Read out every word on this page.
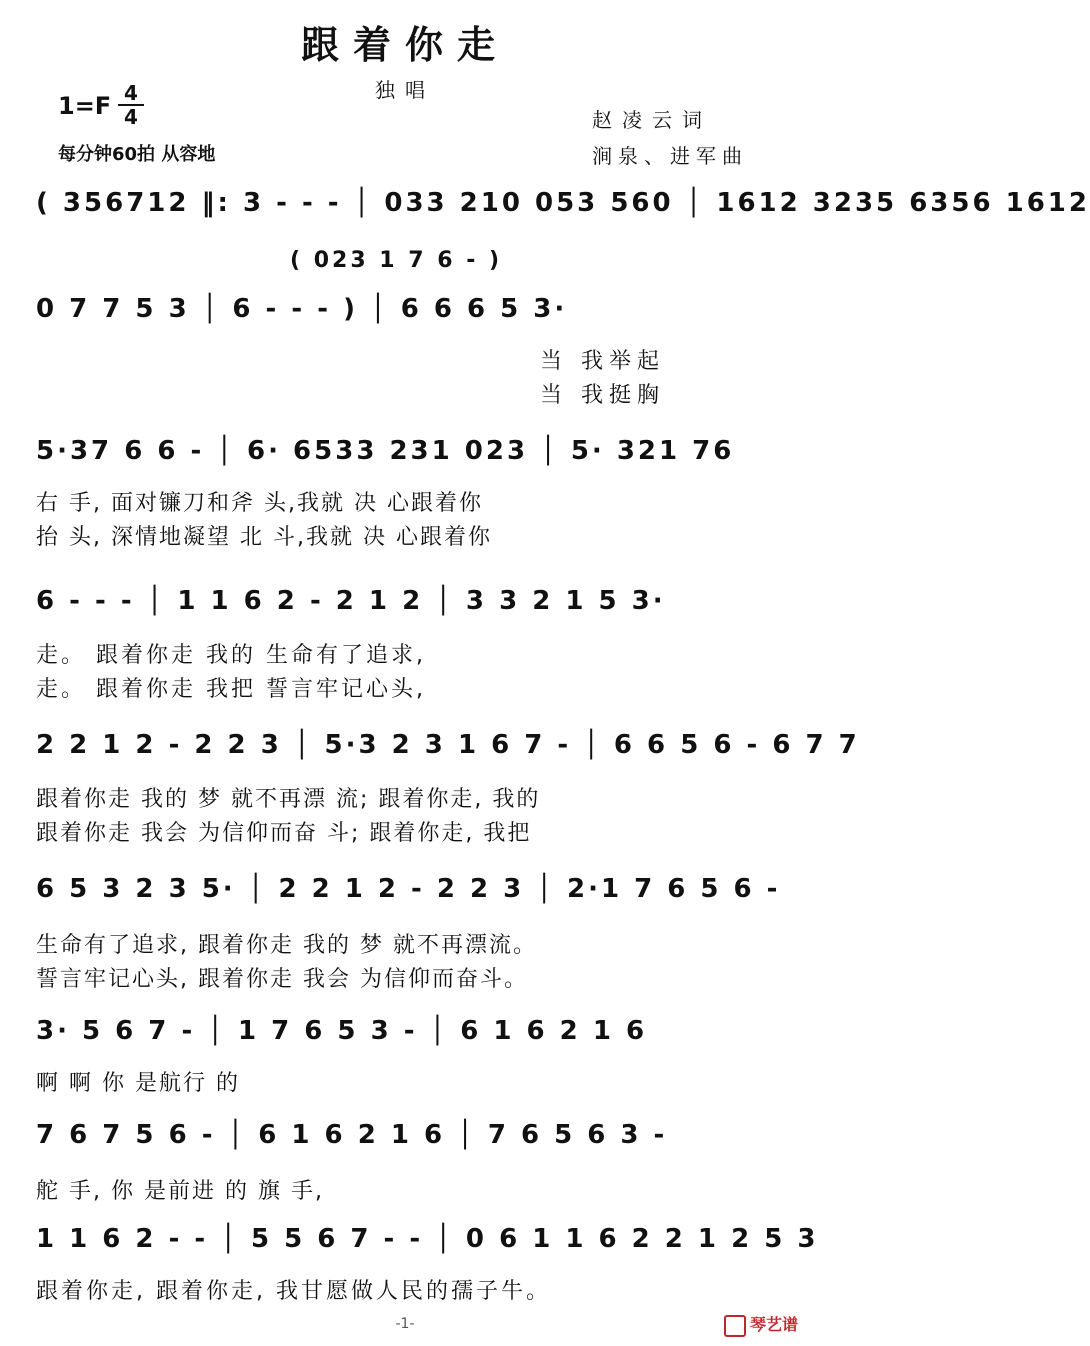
跟着你走
独唱
1=F 4
4	赵凌云词
涧泉、进军曲
每分钟60拍 从容地
( 356712 ‖: 3 - - - │ 033 210 053 560 │ 1612 3235 6356 1612
( 023 1 7 6 - )
0 7 7 5 3 │ 6 - - - ) │ 6 6 6 5 3·
当 我举起
当 我挺胸
5·37 6 6 - │ 6· 6533 231 023 │ 5· 321 76
右 手, 面对镰刀和斧 头,我就 决 心跟着你
抬 头, 深情地凝望 北 斗,我就 决 心跟着你
6 - - - │ 1 1 6 2 - 2 1 2 │ 3 3 2 1 5 3·
走。 跟着你走 我的 生命有了追求,
走。 跟着你走 我把 誓言牢记心头,
2 2 1 2 - 2 2 3 │ 5·3 2 3 1 6 7 - │ 6 6 5 6 - 6 7 7
跟着你走 我的 梦 就不再漂 流; 跟着你走, 我的
跟着你走 我会 为信仰而奋 斗; 跟着你走, 我把
6 5 3 2 3 5· │ 2 2 1 2 - 2 2 3 │ 2·1 7 6 5 6 -
生命有了追求, 跟着你走 我的 梦 就不再漂流。
誓言牢记心头, 跟着你走 我会 为信仰而奋斗。
3· 5 6 7 - │ 1 7 6 5 3 - │ 6 1 6 2 1 6
啊 啊 你 是航行 的
7 6 7 5 6 - │ 6 1 6 2 1 6 │ 7 6 5 6 3 -
舵 手, 你 是前进 的 旗 手,
1 1 6 2 - - │ 5 5 6 7 - - │ 0 6 1 1 6 2 2 1 2 5 3
跟着你走, 跟着你走, 我甘愿做人民的孺子牛。
-1-	琴艺谱
